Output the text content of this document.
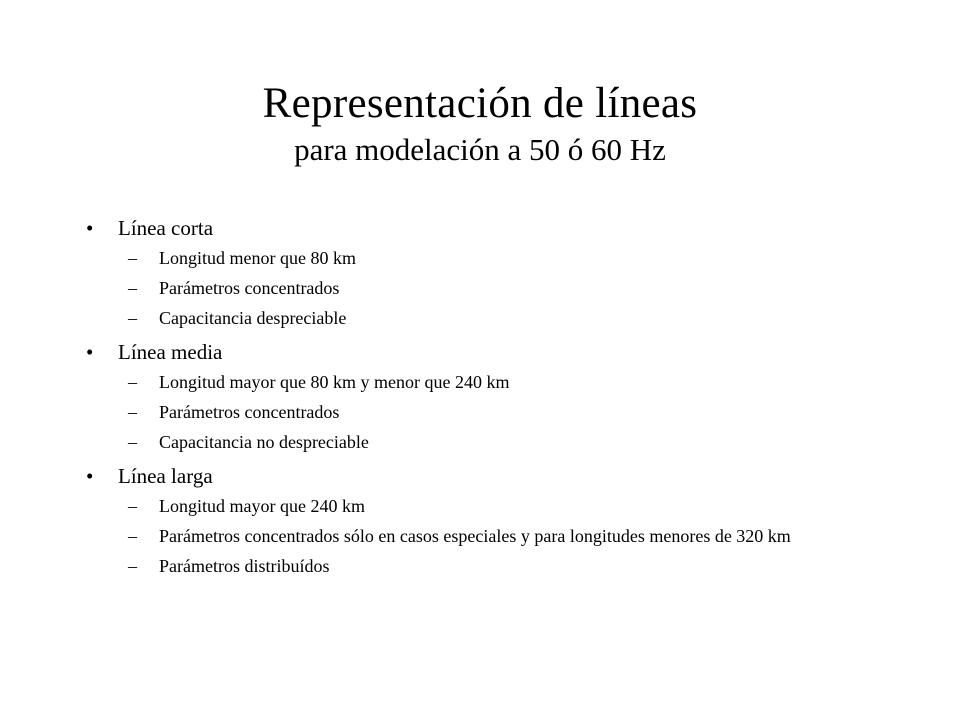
Representación de líneas
para modelación a 50 ó 60 Hz
• Línea corta
– Longitud menor que 80 km
– Parámetros concentrados
– Capacitancia despreciable
• Línea media
– Longitud mayor que 80 km y menor que 240 km
– Parámetros concentrados
– Capacitancia no despreciable
• Línea larga
– Longitud mayor que 240 km
– Parámetros concentrados sólo en casos especiales y para longitudes menores de 320 km
– Parámetros distribuídos
